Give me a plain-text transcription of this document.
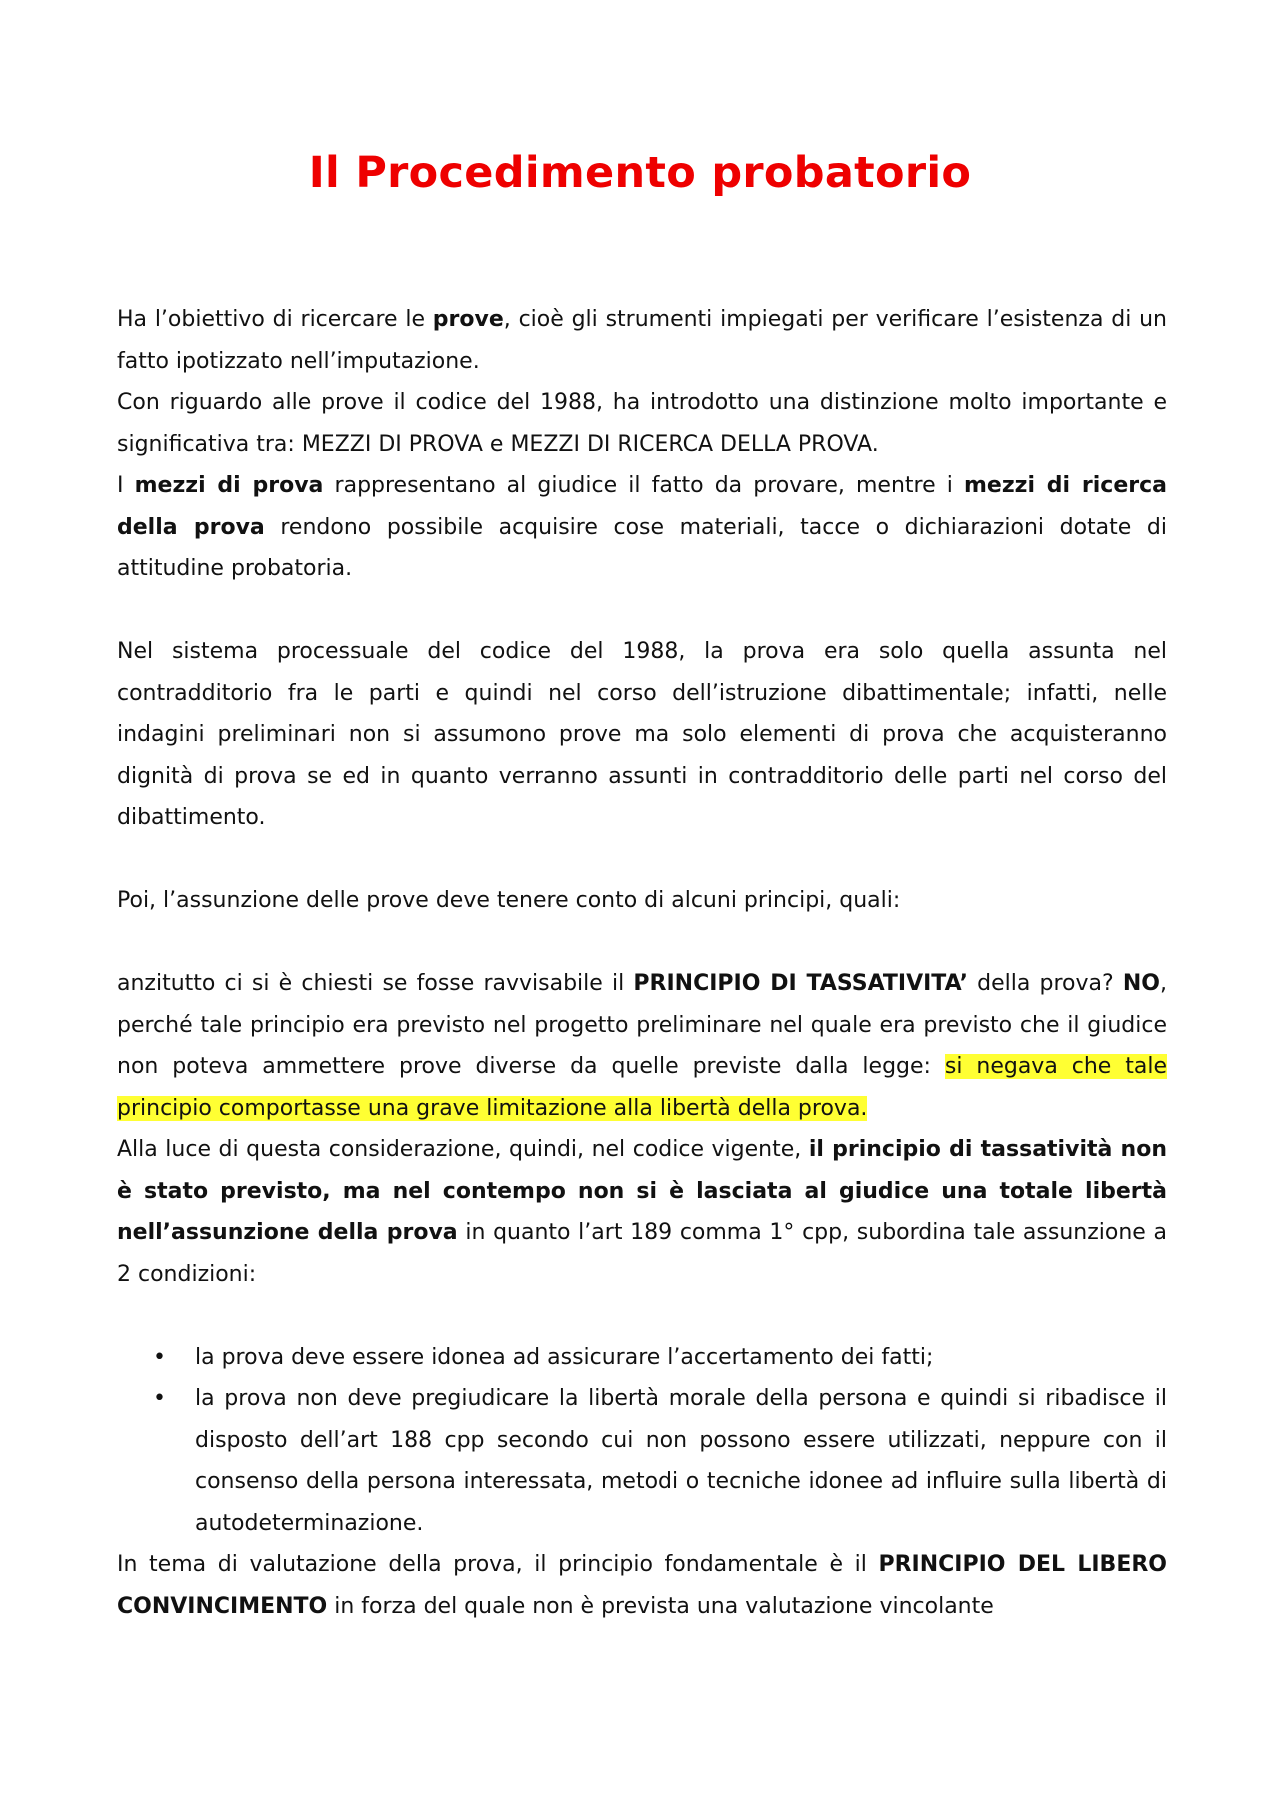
Il Procedimento probatorio

Ha l’obiettivo di ricercare le prove, cioè gli strumenti impiegati per verificare l’esistenza di un fatto ipotizzato nell’imputazione.

Con riguardo alle prove il codice del 1988, ha introdotto una distinzione molto importante e significativa tra: MEZZI DI PROVA e MEZZI DI RICERCA DELLA PROVA.

I mezzi di prova rappresentano al giudice il fatto da provare, mentre i mezzi di ricerca della prova rendono possibile acquisire cose materiali, tacce o dichiarazioni dotate di attitudine probatoria.

Nel sistema processuale del codice del 1988, la prova era solo quella assunta nel contradditorio fra le parti e quindi nel corso dell’istruzione dibattimentale; infatti, nelle indagini preliminari non si assumono prove ma solo elementi di prova che acquisteranno dignità di prova se ed in quanto verranno assunti in contradditorio delle parti nel corso del dibattimento.

Poi, l’assunzione delle prove deve tenere conto di alcuni principi, quali:

anzitutto ci si è chiesti se fosse ravvisabile il PRINCIPIO DI TASSATIVITA’ della prova? NO, perché tale principio era previsto nel progetto preliminare nel quale era previsto che il giudice non poteva ammettere prove diverse da quelle previste dalla legge: si negava che tale principio comportasse una grave limitazione alla libertà della prova.

Alla luce di questa considerazione, quindi, nel codice vigente, il principio di tassatività non è stato previsto, ma nel contempo non si è lasciata al giudice una totale libertà nell’assunzione della prova in quanto l’art 189 comma 1° cpp, subordina tale assunzione a 2 condizioni:

• la prova deve essere idonea ad assicurare l’accertamento dei fatti;
• la prova non deve pregiudicare la libertà morale della persona e quindi si ribadisce il disposto dell’art 188 cpp secondo cui non possono essere utilizzati, neppure con il consenso della persona interessata, metodi o tecniche idonee ad influire sulla libertà di autodeterminazione.

In tema di valutazione della prova, il principio fondamentale è il PRINCIPIO DEL LIBERO CONVINCIMENTO in forza del quale non è prevista una valutazione vincolante
